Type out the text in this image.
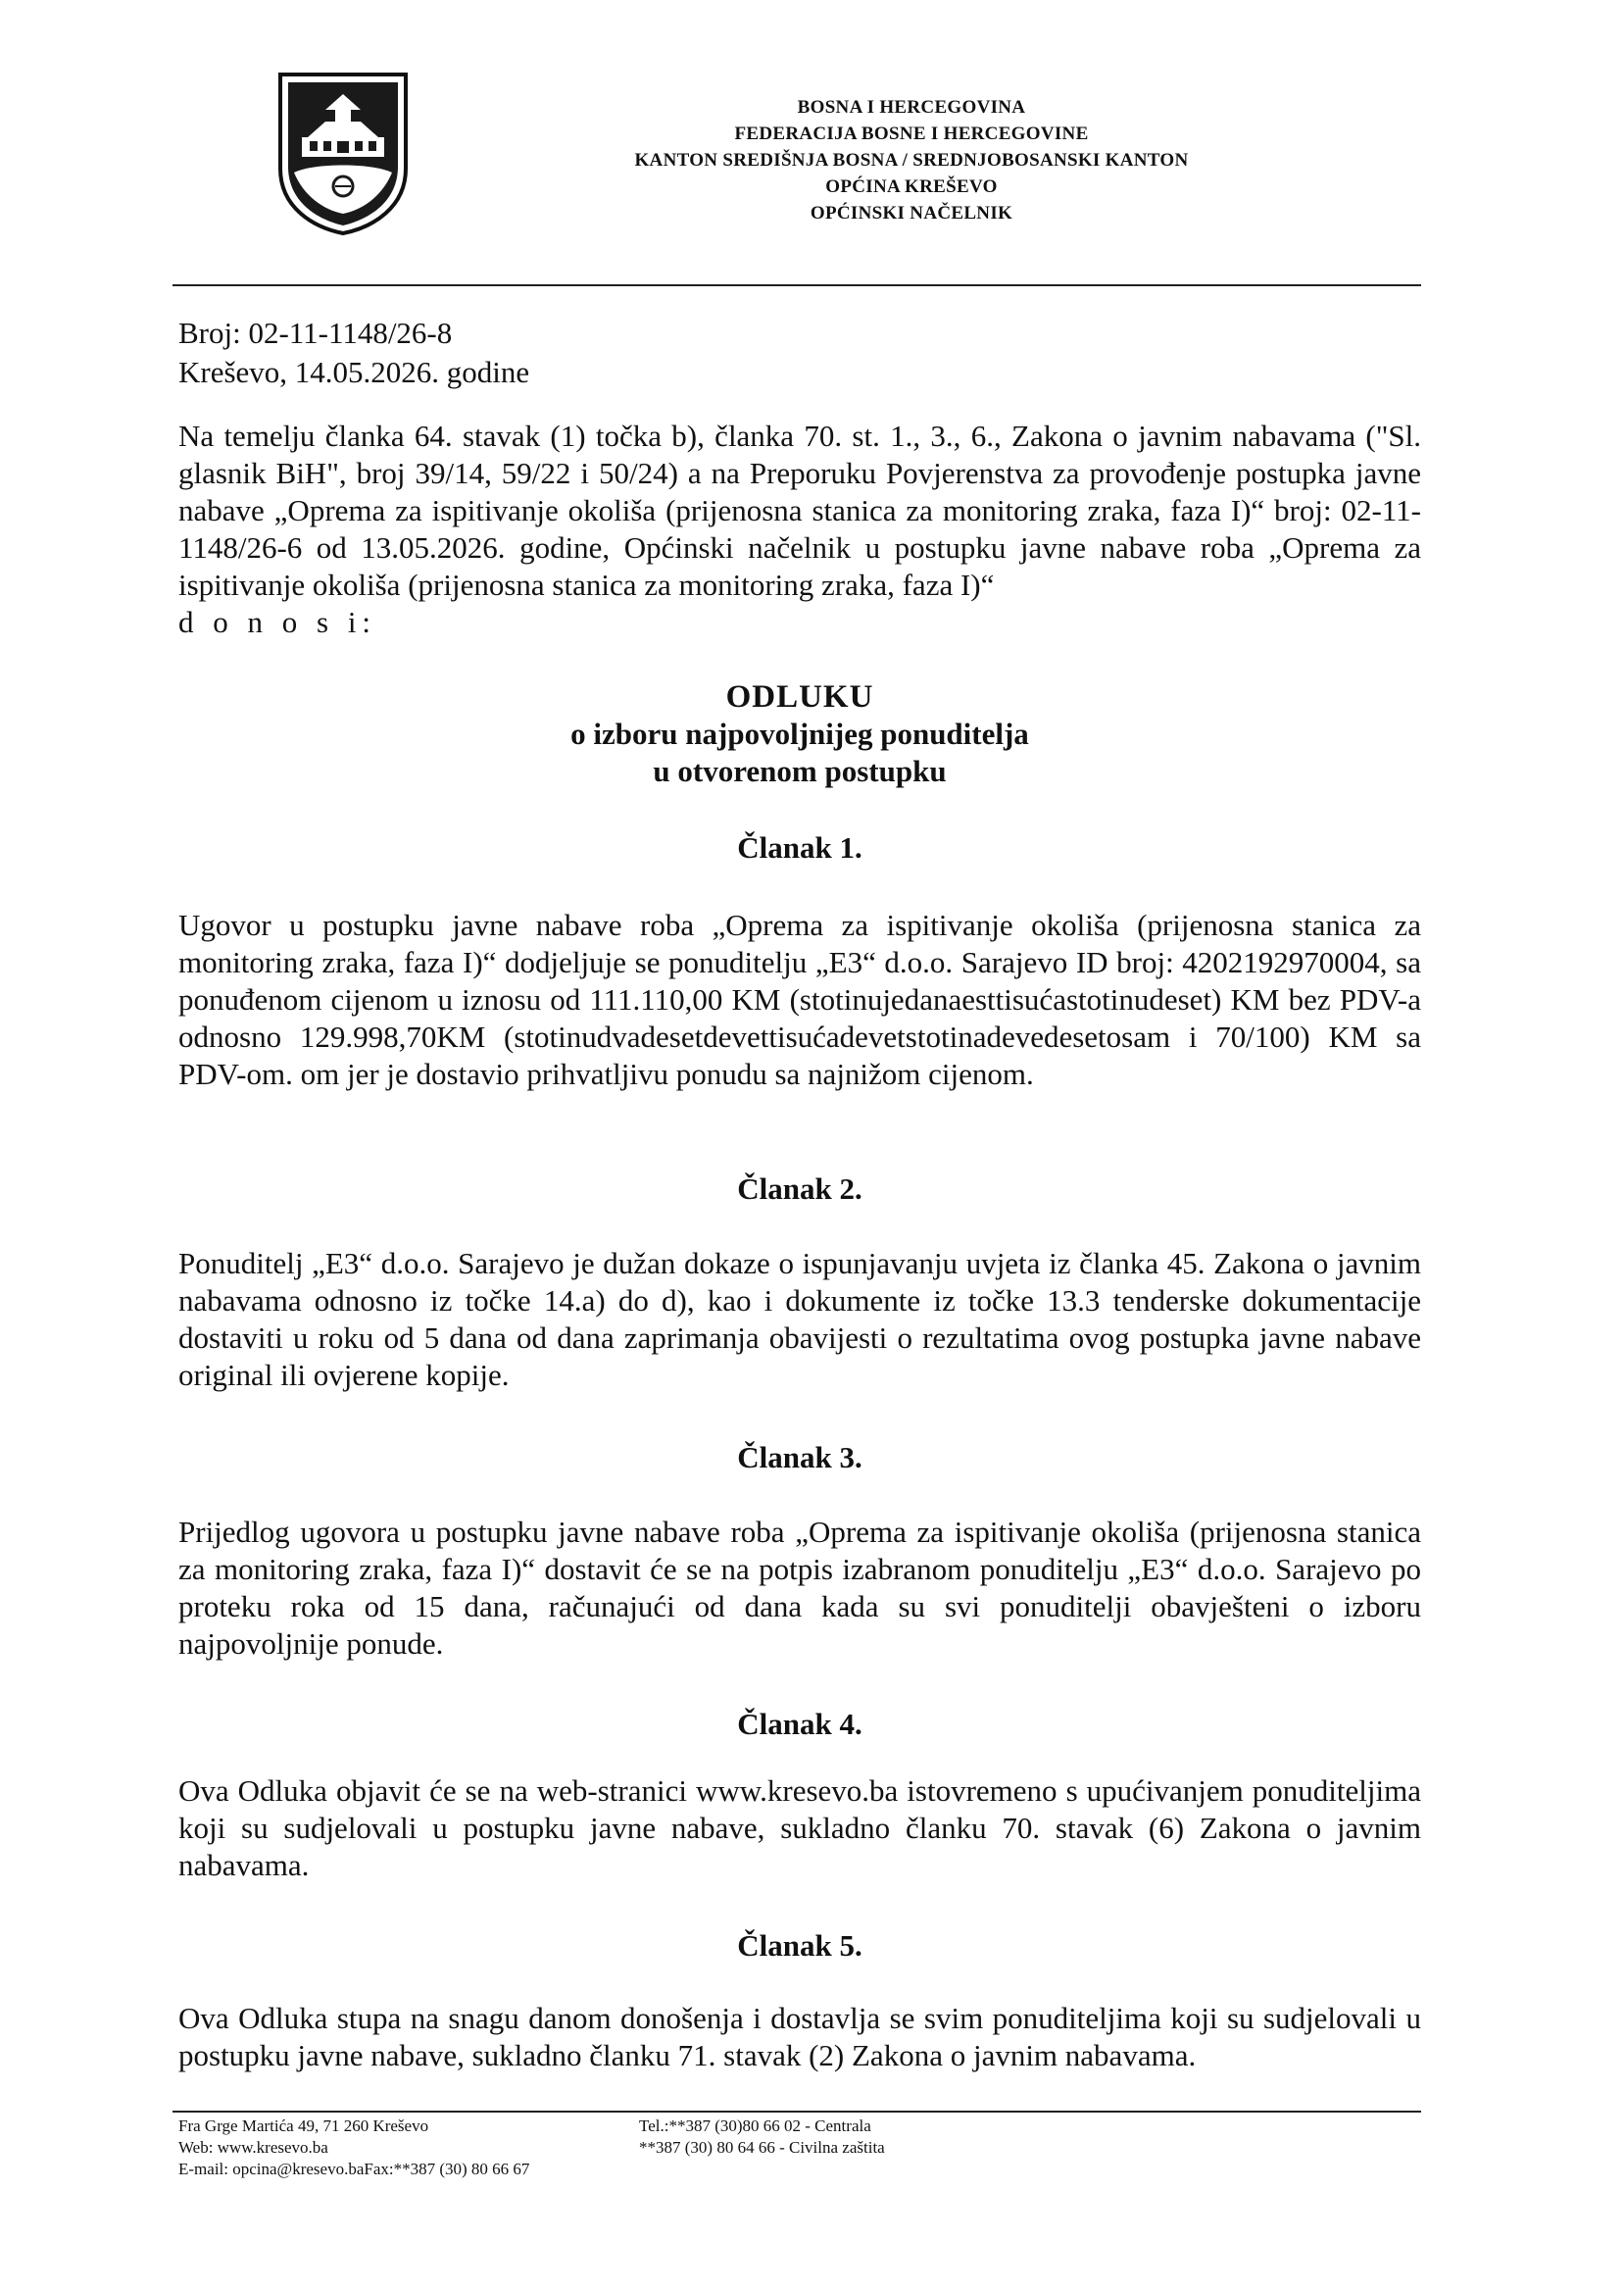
BOSNA I HERCEGOVINA
FEDERACIJA BOSNE I HERCEGOVINE
KANTON SREDIŠNJA BOSNA / SREDNJOBOSANSKI KANTON
OPĆINA KREŠEVO
OPĆINSKI NAČELNIK
Broj: 02-11-1148/26-8
Kreševo, 14.05.2026. godine
Na temelju članka 64. stavak (1) točka b), članka 70. st. 1., 3., 6., Zakona o javnim nabavama ("Sl. glasnik BiH", broj 39/14, 59/22 i 50/24) a na Preporuku Povjerenstva za provođenje postupka javne nabave „Oprema za ispitivanje okoliša (prijenosna stanica za monitoring zraka, faza I)“ broj: 02-11-1148/26-6 od 13.05.2026. godine, Općinski načelnik u postupku javne nabave roba „Oprema za ispitivanje okoliša (prijenosna stanica za monitoring zraka, faza I)“
d o n o s i:
ODLUKU
o izboru najpovoljnijeg ponuditelja
u otvorenom postupku
Članak 1.
Ugovor u postupku javne nabave roba „Oprema za ispitivanje okoliša (prijenosna stanica za monitoring zraka, faza I)“ dodjeljuje se ponuditelju „E3“ d.o.o. Sarajevo ID broj: 4202192970004, sa ponuđenom cijenom u iznosu od 111.110,00 KM (stotinujedanaesttisućastotinudeset) KM bez PDV-a odnosno 129.998,70KM (stotinudvadesetdevettisućadevetstotinadevedesetosam i 70/100) KM sa PDV-om. om jer je dostavio prihvatljivu ponudu sa najnižom cijenom.
Članak 2.
Ponuditelj „E3“ d.o.o. Sarajevo je dužan dokaze o ispunjavanju uvjeta iz članka 45. Zakona o javnim nabavama odnosno iz točke 14.a) do d), kao i dokumente iz točke 13.3 tenderske dokumentacije dostaviti u roku od 5 dana od dana zaprimanja obavijesti o rezultatima ovog postupka javne nabave original ili ovjerene kopije.
Članak 3.
Prijedlog ugovora u postupku javne nabave roba „Oprema za ispitivanje okoliša (prijenosna stanica za monitoring zraka, faza I)“ dostavit će se na potpis izabranom ponuditelju „E3“ d.o.o. Sarajevo po proteku roka od 15 dana, računajući od dana kada su svi ponuditelji obavješteni o izboru najpovoljnije ponude.
Članak 4.
Ova Odluka objavit će se na web-stranici www.kresevo.ba istovremeno s upućivanjem ponuditeljima koji su sudjelovali u postupku javne nabave, sukladno članku 70. stavak (6) Zakona o javnim nabavama.
Članak 5.
Ova Odluka stupa na snagu danom donošenja i dostavlja se svim ponuditeljima koji su sudjelovali u postupku javne nabave, sukladno članku 71. stavak (2) Zakona o javnim nabavama.
Fra Grge Martića 49, 71 260 Kreševo	Tel.:**387 (30)80 66 02 - Centrala
Web: www.kresevo.ba	**387 (30) 80 64 66 - Civilna zaštita
E-mail: opcina@kresevo.baFax:**387 (30) 80 66 67
